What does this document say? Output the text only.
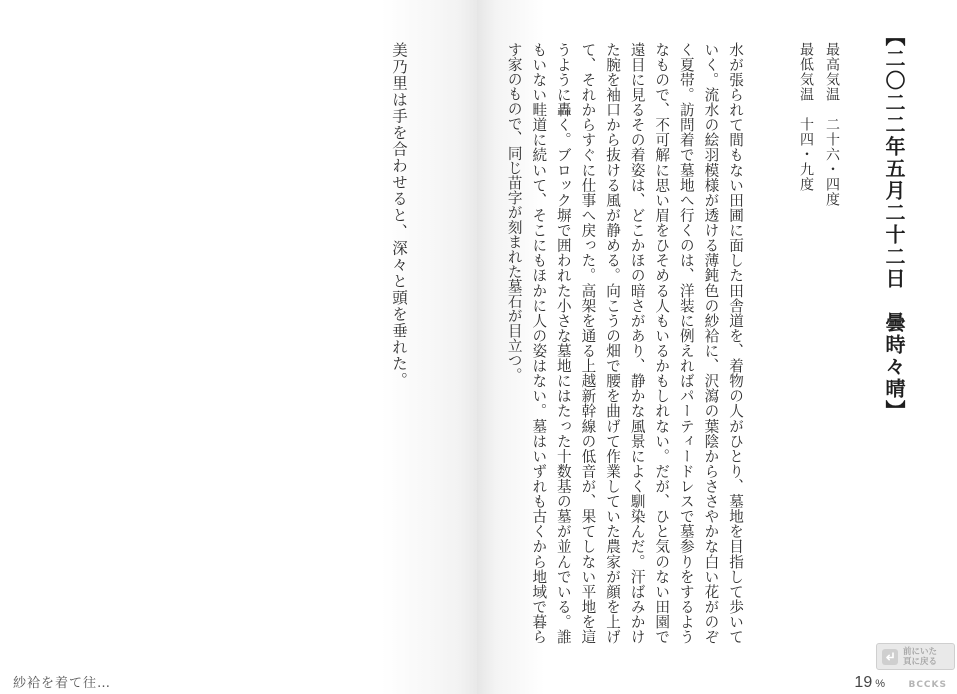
美乃里は手を合わせると、深々と頭を垂れた。

紗袷を着て往…
【二〇二二年五月二十二日　曇時々晴】

最高気温　二十六・四度

最低気温　十四・九度

水が張られて間もない田圃に面した田舎道を、着物の人がひとり、墓地を目指して歩いていく。流水の絵羽模様が透ける薄鈍色の紗袷に、沢瀉の葉陰からささやかな白い花がのぞく夏帯。訪問着で墓地へ行くのは、洋装に例えればパーティードレスで墓参りをするようなもので、不可解に思い眉をひそめる人もいるかもしれない。だが、ひと気のない田園で遠目に見るその着姿は、どこかほの暗さがあり、静かな風景によく馴染んだ。汗ばみかけた腕を袖口から抜ける風が静める。向こうの畑で腰を曲げて作業していた農家が顔を上げて、それからすぐに仕事へ戻った。高架を通る上越新幹線の低音が、果てしない平地を這うように轟く。ブロック塀で囲われた小さな墓地にはたった十数基の墓が並んでいる。誰もいない畦道に続いて、そこにもほかに人の姿はない。墓はいずれも古くから地域で暮らす家のもので、同じ苗字が刻まれた墓石が目立つ。

前にいた
頁に戻る
19 %	BCCKS
